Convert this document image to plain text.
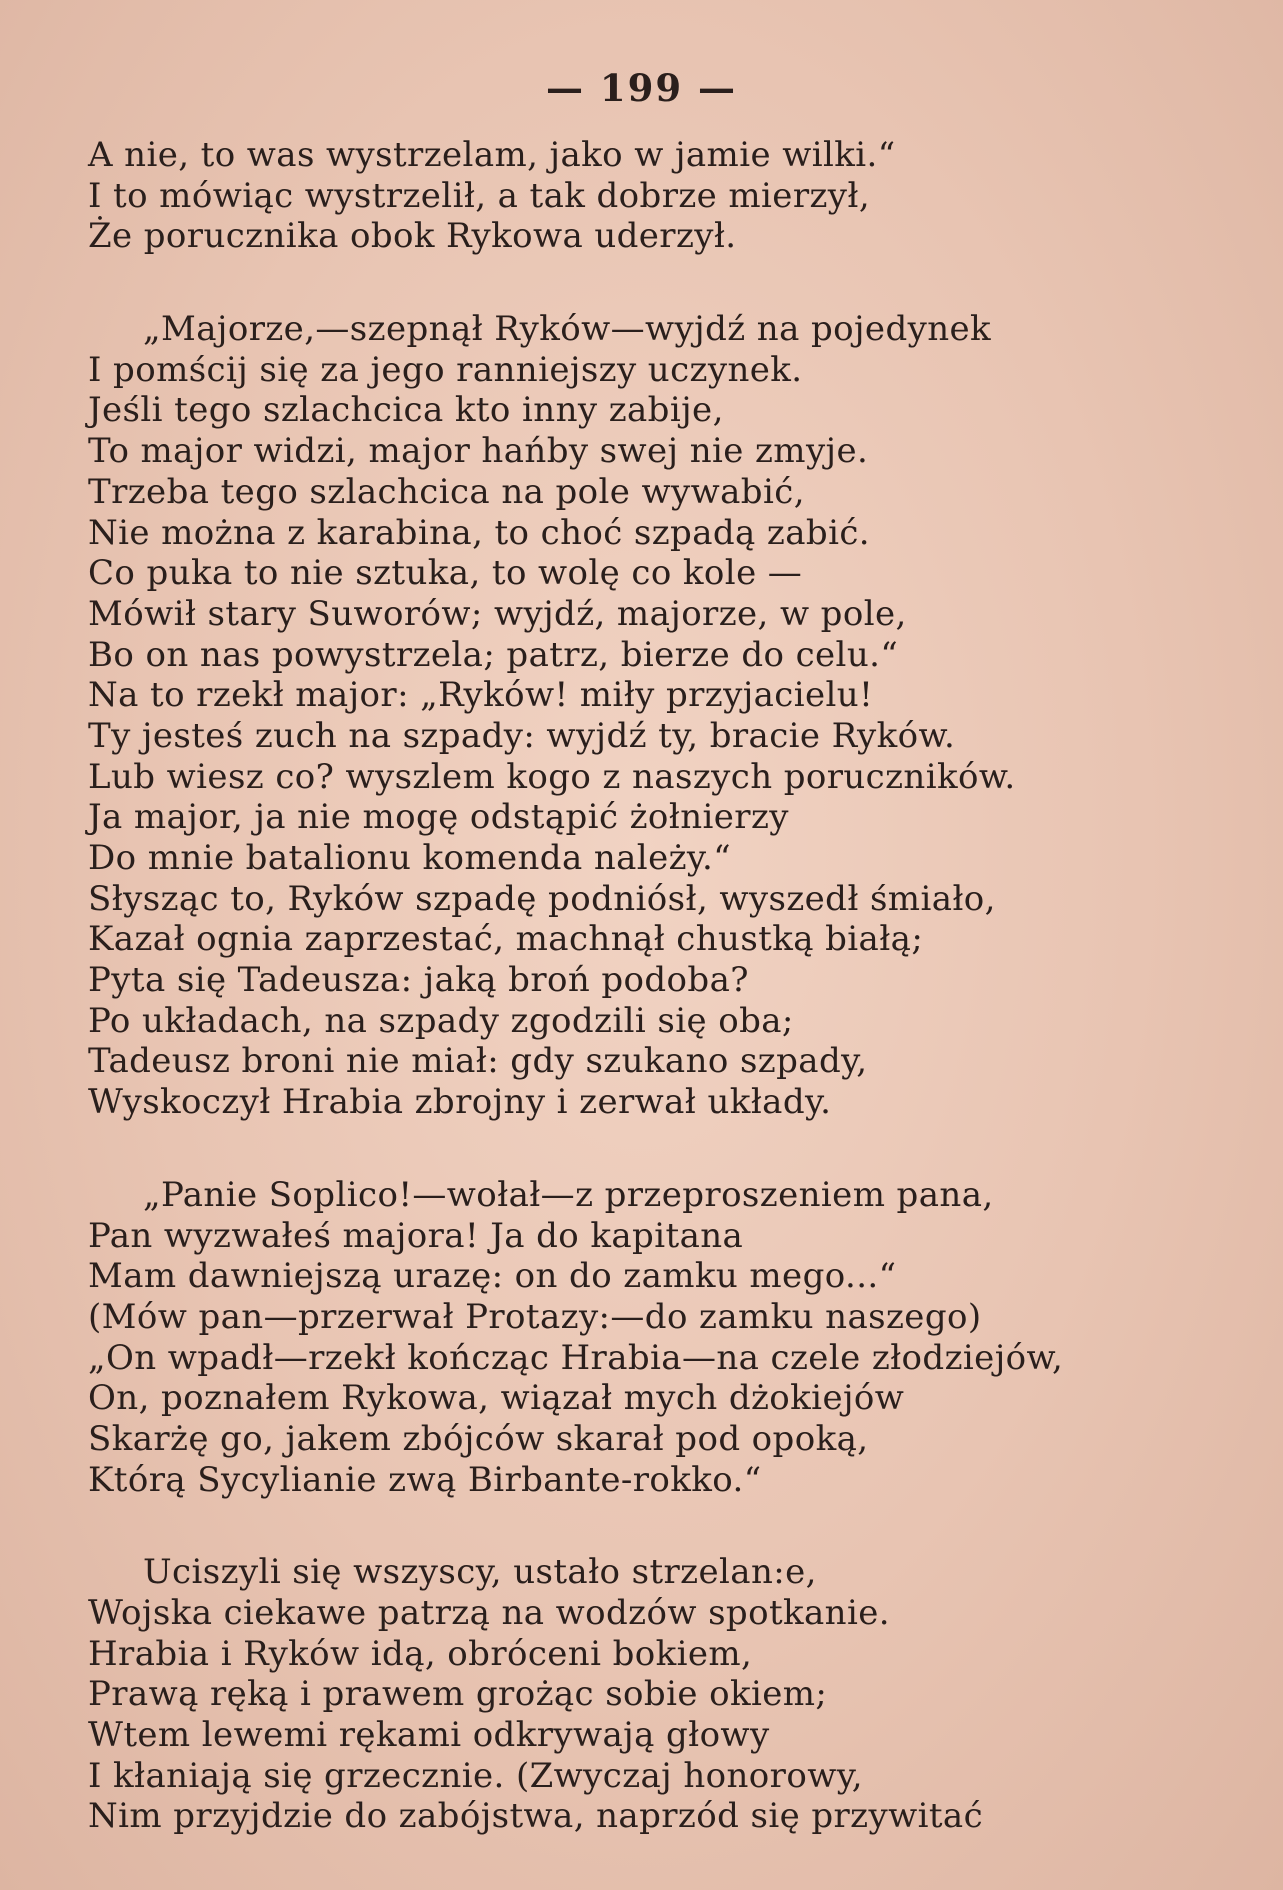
— 199 —
A nie, to was wystrzelam, jako w jamie wilki.“
I to mówiąc wystrzelił, a tak dobrze mierzył,
Że porucznika obok Rykowa uderzył.
„Majorze,—szepnął Ryków—wyjdź na pojedynek
I pomścij się za jego ranniejszy uczynek.
Jeśli tego szlachcica kto inny zabije,
To major widzi, major hańby swej nie zmyje.
Trzeba tego szlachcica na pole wywabić,
Nie można z karabina, to choć szpadą zabić.
Co puka to nie sztuka, to wolę co kole —
Mówił stary Suworów; wyjdź, majorze, w pole,
Bo on nas powystrzela; patrz, bierze do celu.“
Na to rzekł major: „Ryków! miły przyjacielu!
Ty jesteś zuch na szpady: wyjdź ty, bracie Ryków.
Lub wiesz co? wyszlem kogo z naszych poruczników.
Ja major, ja nie mogę odstąpić żołnierzy
Do mnie batalionu komenda należy.“
Słysząc to, Ryków szpadę podniósł, wyszedł śmiało,
Kazał ognia zaprzestać, machnął chustką białą;
Pyta się Tadeusza: jaką broń podoba?
Po układach, na szpady zgodzili się oba;
Tadeusz broni nie miał: gdy szukano szpady,
Wyskoczył Hrabia zbrojny i zerwał układy.
„Panie Soplico!—wołał—z przeproszeniem pana,
Pan wyzwałeś majora! Ja do kapitana
Mam dawniejszą urazę: on do zamku mego...“
(Mów pan—przerwał Protazy:—do zamku naszego)
„On wpadł—rzekł kończąc Hrabia—na czele złodziejów,
On, poznałem Rykowa, wiązał mych dżokiejów
Skarżę go, jakem zbójców skarał pod opoką,
Którą Sycylianie zwą Birbante-rokko.“
Uciszyli się wszyscy, ustało strzelan:e,
Wojska ciekawe patrzą na wodzów spotkanie.
Hrabia i Ryków idą, obróceni bokiem,
Prawą ręką i prawem grożąc sobie okiem;
Wtem lewemi rękami odkrywają głowy
I kłaniają się grzecznie. (Zwyczaj honorowy,
Nim przyjdzie do zabójstwa, naprzód się przywitać
